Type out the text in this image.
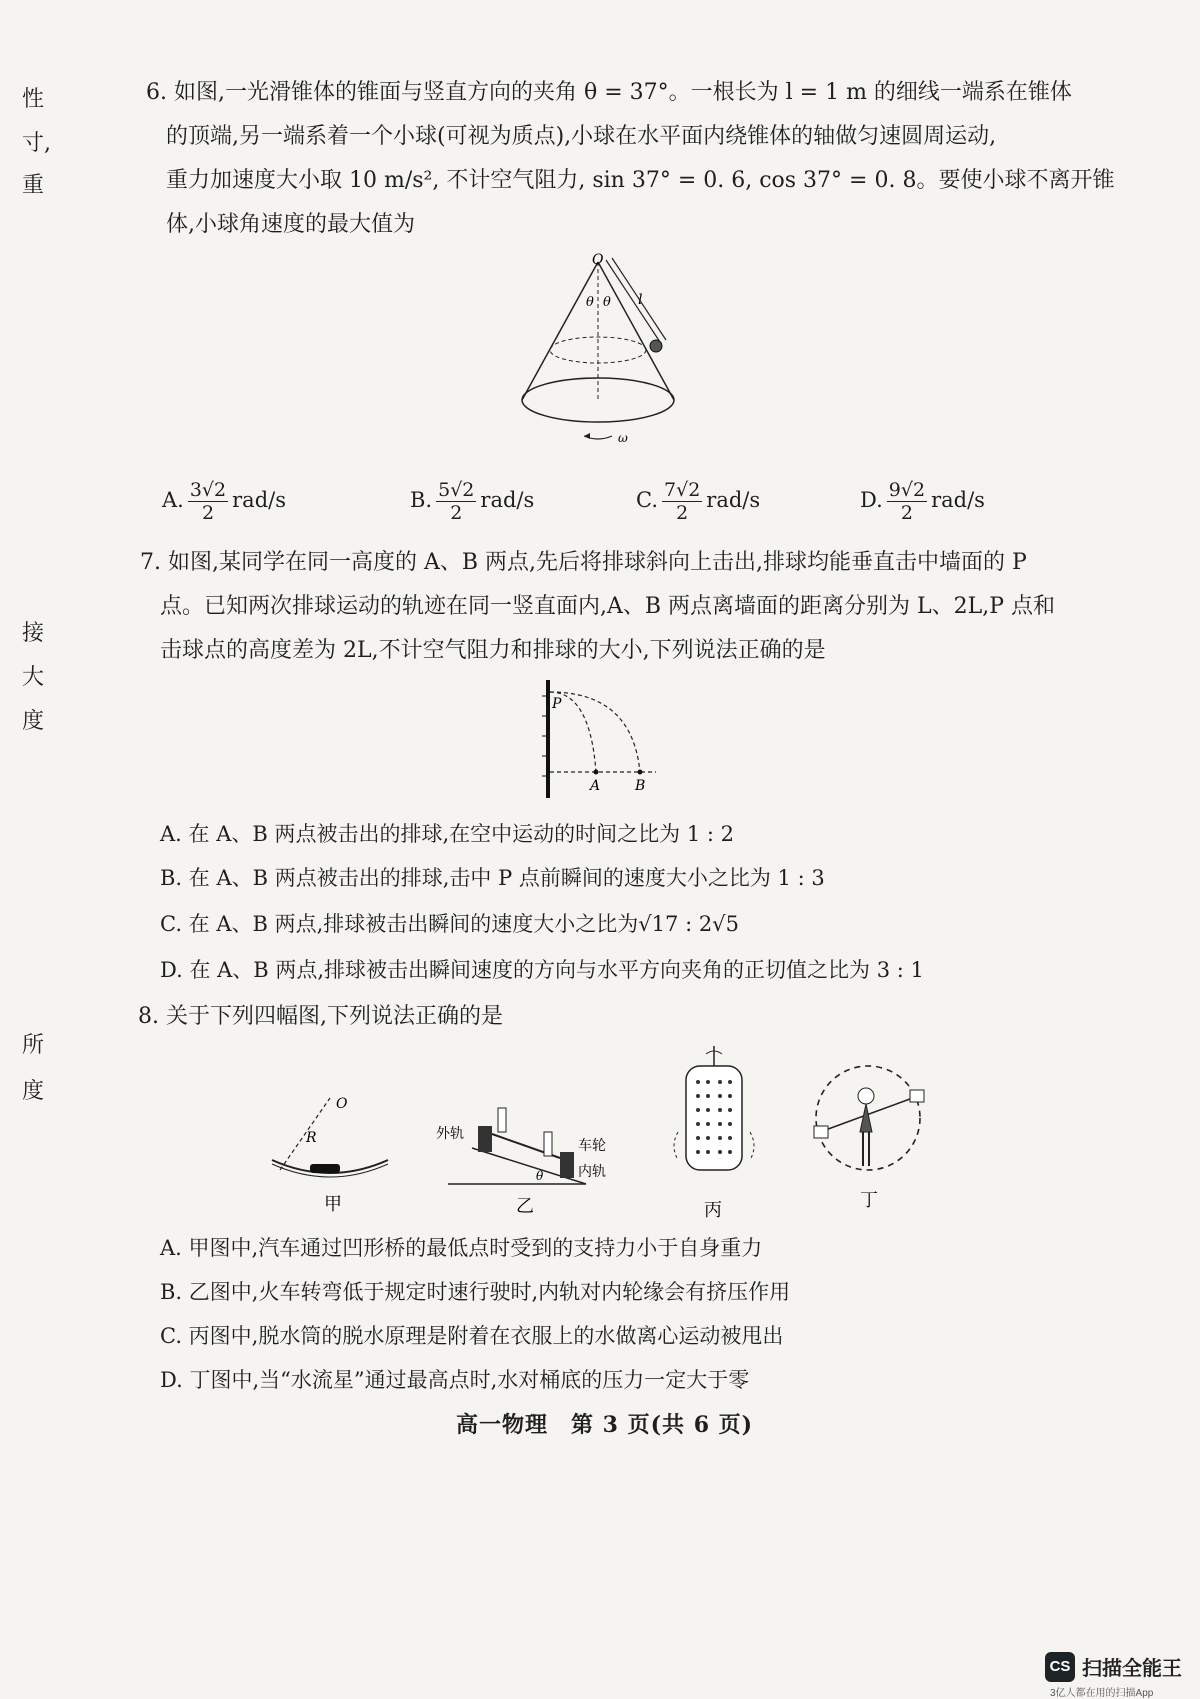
性
寸,
重
接
大
度
所
度
6. 如图,一光滑锥体的锥面与竖直方向的夹角 θ = 37°。一根长为 l = 1 m 的细线一端系在锥体
的顶端,另一端系着一个小球(可视为质点),小球在水平面内绕锥体的轴做匀速圆周运动,
重力加速度大小取 10 m/s², 不计空气阻力, sin 37° = 0. 6, cos 37° = 0. 8。要使小球不离开锥
体,小球角速度的最大值为
O
θ θ l
ω
A. $\frac{3√2}{2} rad/s$	B. $\frac{5√2}{2} rad/s$	C. $\frac{7√2}{2} rad/s$	D. $\frac{9√2}{2} rad/s$
7. 如图,某同学在同一高度的 A、B 两点,先后将排球斜向上击出,排球均能垂直击中墙面的 P
点。已知两次排球运动的轨迹在同一竖直面内,A、B 两点离墙面的距离分别为 L、2L,P 点和
击球点的高度差为 2L,不计空气阻力和排球的大小,下列说法正确的是
P
A B
A. 在 A、B 两点被击出的排球,在空中运动的时间之比为 1 : 2
B. 在 A、B 两点被击出的排球,击中 P 点前瞬间的速度大小之比为 1 : 3
C. 在 A、B 两点,排球被击出瞬间的速度大小之比为√17 : 2√5
D. 在 A、B 两点,排球被击出瞬间速度的方向与水平方向夹角的正切值之比为 3 : 1
8. 关于下列四幅图,下列说法正确的是
O
R
甲
外轨
车轮
内轨
θ
乙	丙	丁
A. 甲图中,汽车通过凹形桥的最低点时受到的支持力小于自身重力
B. 乙图中,火车转弯低于规定时速行驶时,内轨对内轮缘会有挤压作用
C. 丙图中,脱水筒的脱水原理是附着在衣服上的水做离心运动被甩出
D. 丁图中,当“水流星”通过最高点时,水对桶底的压力一定大于零
高一物理　第 3 页(共 6 页)
CS 扫描全能王
3亿人都在用的扫描App
